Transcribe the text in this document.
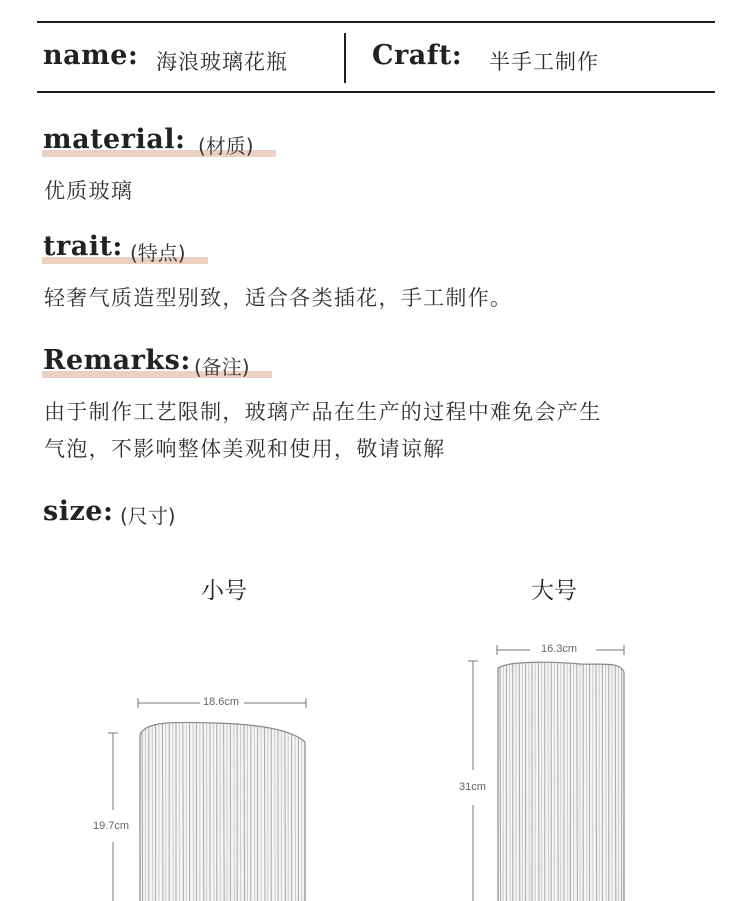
name: 海浪玻璃花瓶	Craft: 半手工制作
material: (材质)
优质玻璃
trait: (特点)
轻奢气质造型别致，适合各类插花，手工制作。
Remarks: (备注)
由于制作工艺限制，玻璃产品在生产的过程中难免会产生
气泡，不影响整体美观和使用，敬请谅解
size: (尺寸)
小号	大号
18.6cm
19.7cm
16.3cm
31cm
